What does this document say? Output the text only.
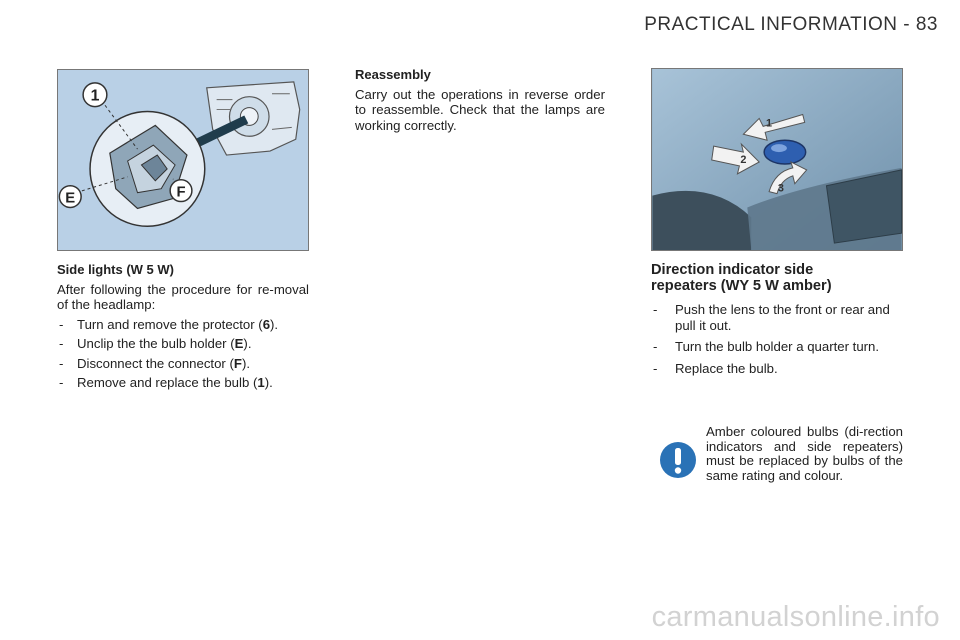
PRACTICAL INFORMATION - 83
1
E	F
1
2
3
Side lights (W 5 W)
After following the procedure for re-moval of the headlamp:
- Turn and remove the protector (6).
- Unclip the the bulb holder (E).
- Disconnect the connector (F).
- Remove and replace the bulb (1).
Reassembly
Carry out the operations in reverse order to reassemble. Check that the lamps are working correctly.
Direction indicator side
repeaters (WY 5 W amber)
- Push the lens to the front or rear and pull it out.
- Turn the bulb holder a quarter turn.
- Replace the bulb.
Amber coloured bulbs (di-rection indicators and side repeaters) must be replaced by bulbs of the same rating and colour.
carmanualsonline.info
